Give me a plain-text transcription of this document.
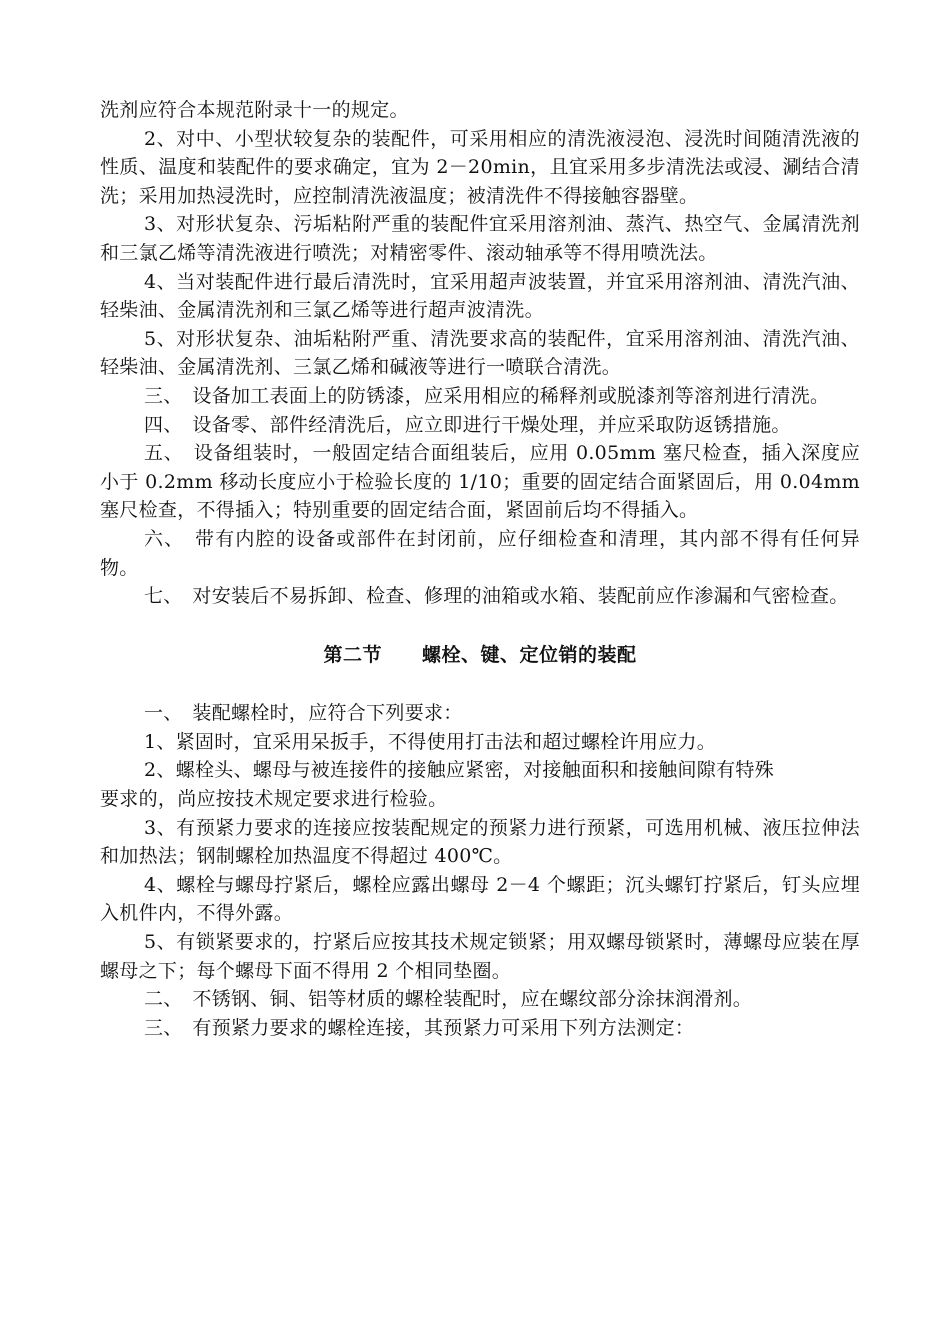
洗剂应符合本规范附录十一的规定。

2、对中、小型状较复杂的装配件，可采用相应的清洗液浸泡、浸洗时间随清洗液的性质、温度和装配件的要求确定，宜为 2－20min，且宜采用多步清洗法或浸、涮结合清洗；采用加热浸洗时，应控制清洗液温度；被清洗件不得接触容器壁。

3、对形状复杂、污垢粘附严重的装配件宜采用溶剂油、蒸汽、热空气、金属清洗剂和三氯乙烯等清洗液进行喷洗；对精密零件、滚动轴承等不得用喷洗法。

4、当对装配件进行最后清洗时，宜采用超声波装置，并宜采用溶剂油、清洗汽油、轻柴油、金属清洗剂和三氯乙烯等进行超声波清洗。

5、对形状复杂、油垢粘附严重、清洗要求高的装配件，宜采用溶剂油、清洗汽油、轻柴油、金属清洗剂、三氯乙烯和碱液等进行一喷联合清洗。

三、　设备加工表面上的防锈漆，应采用相应的稀释剂或脱漆剂等溶剂进行清洗。

四、　设备零、部件经清洗后，应立即进行干燥处理，并应采取防返锈措施。

五、　设备组装时，一般固定结合面组装后，应用 0.05mm 塞尺检查，插入深度应小于 0.2mm 移动长度应小于检验长度的 1/10；重要的固定结合面紧固后，用 0.04mm 塞尺检查，不得插入；特别重要的固定结合面，紧固前后均不得插入。

六、　带有内腔的设备或部件在封闭前，应仔细检查和清理，其内部不得有任何异物。

七、　对安装后不易拆卸、检查、修理的油箱或水箱、装配前应作渗漏和气密检查。

第二节 螺栓、键、定位销的装配

一、　装配螺栓时，应符合下列要求：

1、紧固时，宜采用呆扳手，不得使用打击法和超过螺栓许用应力。

2、螺栓头、螺母与被连接件的接触应紧密，对接触面积和接触间隙有特殊

要求的，尚应按技术规定要求进行检验。

3、有预紧力要求的连接应按装配规定的预紧力进行预紧，可选用机械、液压拉伸法和加热法；钢制螺栓加热温度不得超过 400℃。

4、螺栓与螺母拧紧后，螺栓应露出螺母 2－4 个螺距；沉头螺钉拧紧后，钉头应埋入机件内，不得外露。

5、有锁紧要求的，拧紧后应按其技术规定锁紧；用双螺母锁紧时，薄螺母应装在厚螺母之下；每个螺母下面不得用 2 个相同垫圈。

二、　不锈钢、铜、铝等材质的螺栓装配时，应在螺纹部分涂抹润滑剂。

三、　有预紧力要求的螺栓连接，其预紧力可采用下列方法测定：
